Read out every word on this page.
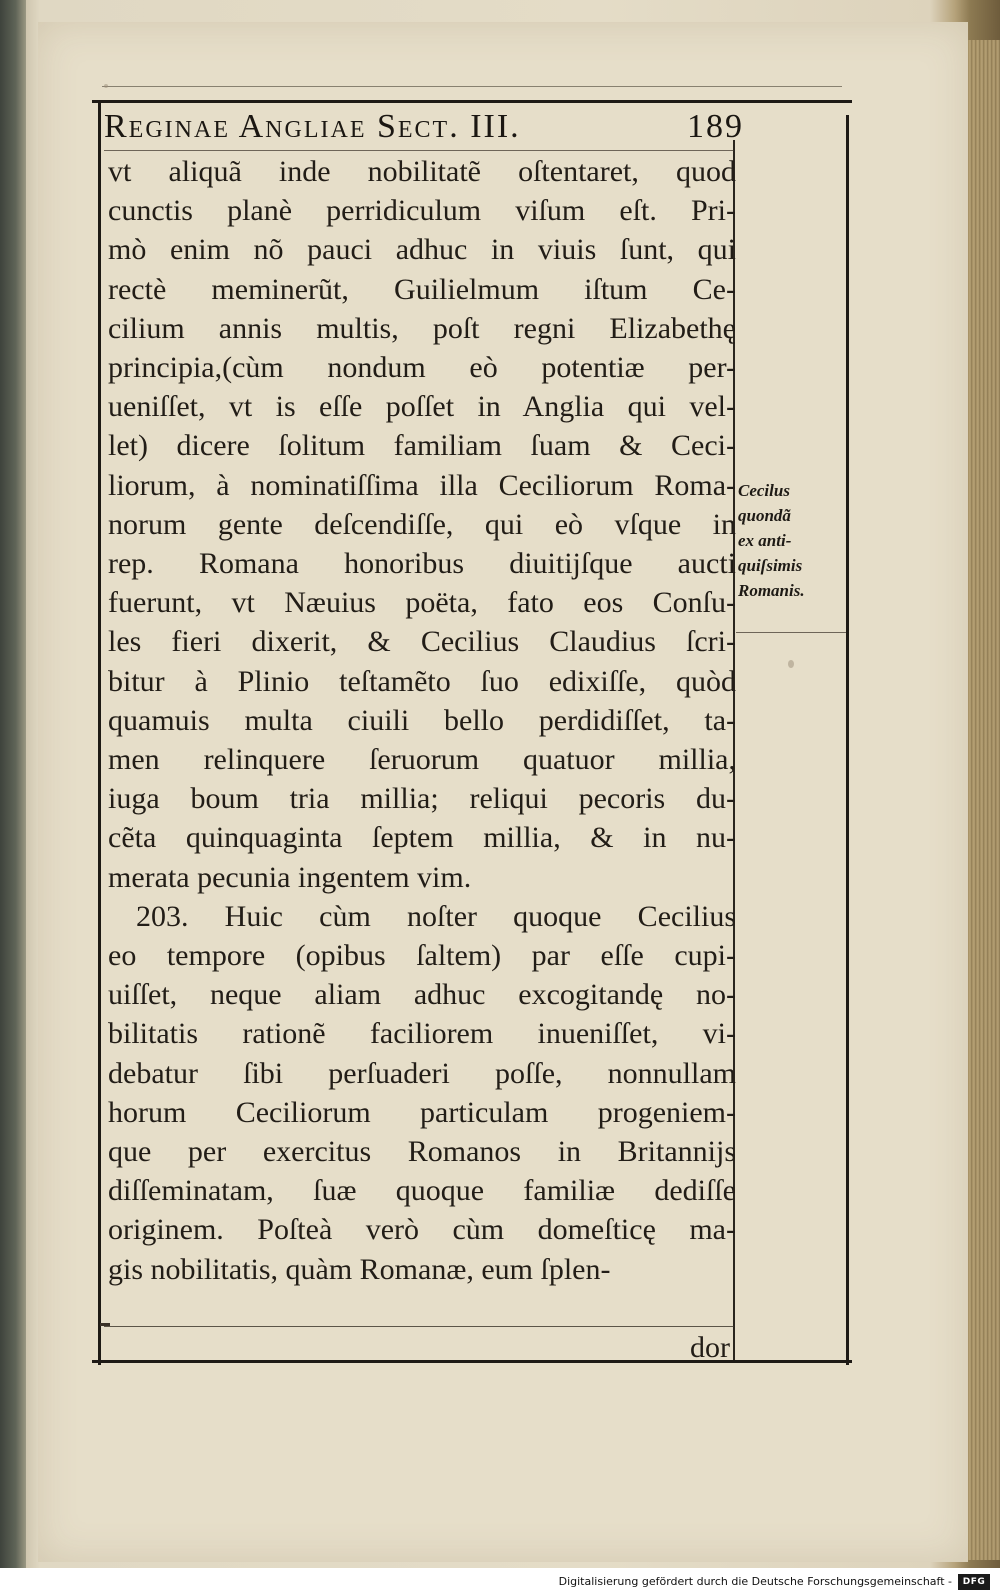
Reginae Angliae Sect. III.	189
vt aliquã inde nobilitatẽ oſtentaret, quod
cunctis planè perridiculum viſum eſt. Pri-
mò enim nõ pauci adhuc in viuis ſunt, qui
rectè meminerũt, Guilielmum iſtum Ce-
cilium annis multis, poſt regni Elizabethę
principia,(cùm nondum eò potentiæ per-
ueniſſet, vt is eſſe poſſet in Anglia qui vel-
let) dicere ſolitum familiam ſuam & Ceci-
liorum, à nominatiſſima illa Ceciliorum Roma-
norum gente deſcendiſſe, qui eò vſque in
rep. Romana honoribus diuitijſque aucti
fuerunt, vt Næuius poëta, fato eos Conſu-
les fieri dixerit, & Cecilius Claudius ſcri-
bitur à Plinio teſtamẽto ſuo edixiſſe, quòd
quamuis multa ciuili bello perdidiſſet, ta-
men relinquere ſeruorum quatuor millia,
iuga boum tria millia; reliqui pecoris du-
cẽta quinquaginta ſeptem millia, & in nu-
merata pecunia ingentem vim.
203. Huic cùm noſter quoque Cecilius
eo tempore (opibus ſaltem) par eſſe cupi-
uiſſet, neque aliam adhuc excogitandę no-
bilitatis rationẽ faciliorem inueniſſet, vi-
debatur ſibi perſuaderi poſſe, nonnullam
horum Ceciliorum particulam progeniem-
que per exercitus Romanos in Britannijs
diſſeminatam, ſuæ quoque familiæ dediſſe
originem. Poſteà verò cùm domeſticę ma-
gis nobilitatis, quàm Romanæ, eum ſplen-
Cecilus
quondã
ex anti-
quiſsimis
Romanis.
dor
Digitalisierung gefördert durch die Deutsche Forschungsgemeinschaft -	DFG
